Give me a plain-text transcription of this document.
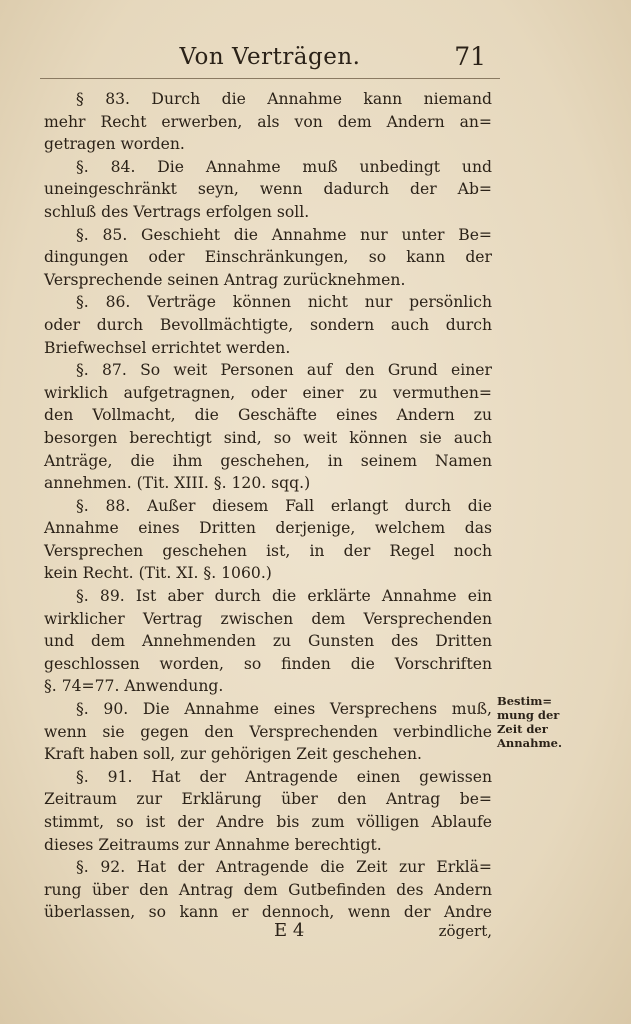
Von Verträgen.	71
§ 83. Durch die Annahme kann niemand
mehr Recht erwerben, als von dem Andern an=
getragen worden.
§. 84. Die Annahme muß unbedingt und
uneingeschränkt seyn, wenn dadurch der Ab=
schluß des Vertrags erfolgen soll.
§. 85. Geschieht die Annahme nur unter Be=
dingungen oder Einschränkungen, so kann der
Versprechende seinen Antrag zurücknehmen.
§. 86. Verträge können nicht nur persönlich
oder durch Bevollmächtigte, sondern auch durch
Briefwechsel errichtet werden.
§. 87. So weit Personen auf den Grund einer
wirklich aufgetragnen, oder einer zu vermuthen=
den Vollmacht, die Geschäfte eines Andern zu
besorgen berechtigt sind, so weit können sie auch
Anträge, die ihm geschehen, in seinem Namen
annehmen. (Tit. XIII. §. 120. sqq.)
§. 88. Außer diesem Fall erlangt durch die
Annahme eines Dritten derjenige, welchem das
Versprechen geschehen ist, in der Regel noch
kein Recht. (Tit. XI. §. 1060.)
§. 89. Ist aber durch die erklärte Annahme ein
wirklicher Vertrag zwischen dem Versprechenden
und dem Annehmenden zu Gunsten des Dritten
geschlossen worden, so finden die Vorschriften
§. 74=77. Anwendung.
§. 90. Die Annahme eines Versprechens muß,
wenn sie gegen den Versprechenden verbindliche
Kraft haben soll, zur gehörigen Zeit geschehen.
§. 91. Hat der Antragende einen gewissen
Zeitraum zur Erklärung über den Antrag be=
stimmt, so ist der Andre bis zum völligen Ablaufe
dieses Zeitraums zur Annahme berechtigt.
§. 92. Hat der Antragende die Zeit zur Erklä=
rung über den Antrag dem Gutbefinden des Andern
überlassen, so kann er dennoch, wenn der Andre
Bestim=
mung der
Zeit der
Annahme.
E 4	zögert,
